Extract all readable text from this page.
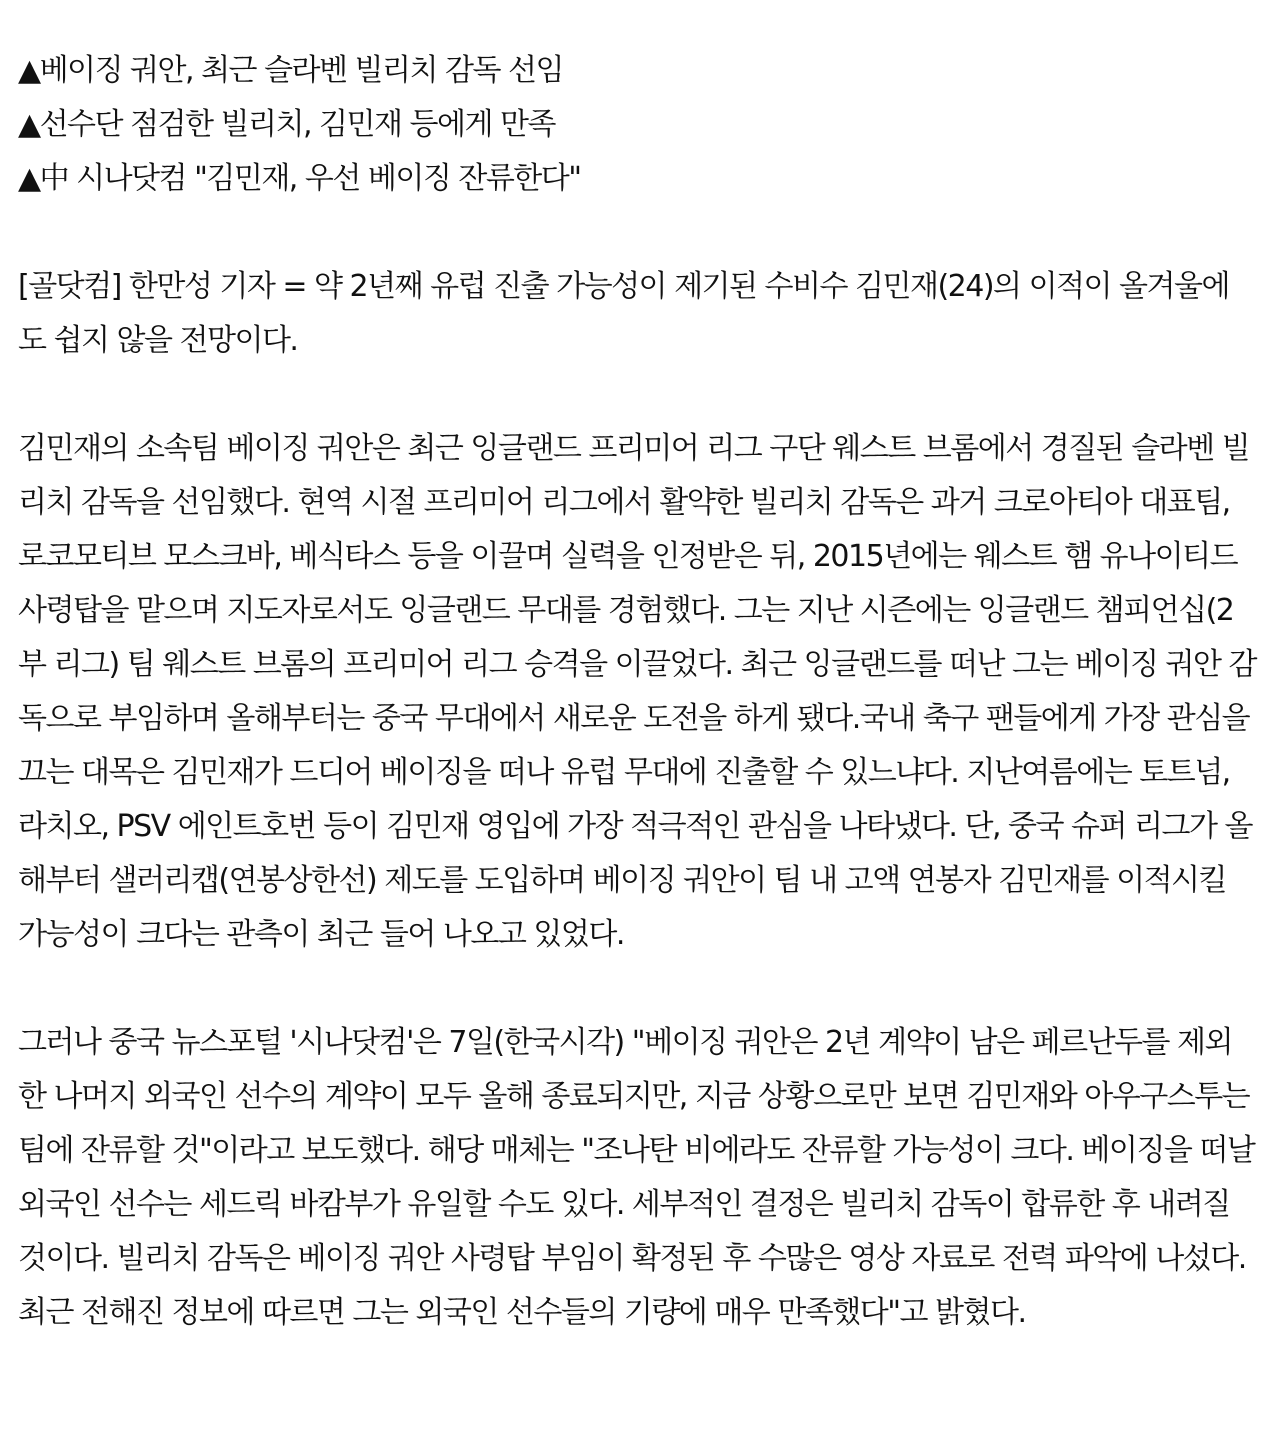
▲베이징 궈안, 최근 슬라벤 빌리치 감독 선임
▲선수단 점검한 빌리치, 김민재 등에게 만족
▲中 시나닷컴 "김민재, 우선 베이징 잔류한다"

[골닷컴] 한만성 기자 = 약 2년째 유럽 진출 가능성이 제기된 수비수 김민재(24)의 이적이 올겨울에도 쉽지 않을 전망이다.

김민재의 소속팀 베이징 궈안은 최근 잉글랜드 프리미어 리그 구단 웨스트 브롬에서 경질된 슬라벤 빌리치 감독을 선임했다. 현역 시절 프리미어 리그에서 활약한 빌리치 감독은 과거 크로아티아 대표팀, 로코모티브 모스크바, 베식타스 등을 이끌며 실력을 인정받은 뒤, 2015년에는 웨스트 햄 유나이티드 사령탑을 맡으며 지도자로서도 잉글랜드 무대를 경험했다. 그는 지난 시즌에는 잉글랜드 챔피언십(2부 리그) 팀 웨스트 브롬의 프리미어 리그 승격을 이끌었다. 최근 잉글랜드를 떠난 그는 베이징 궈안 감독으로 부임하며 올해부터는 중국 무대에서 새로운 도전을 하게 됐다.국내 축구 팬들에게 가장 관심을 끄는 대목은 김민재가 드디어 베이징을 떠나 유럽 무대에 진출할 수 있느냐다. 지난여름에는 토트넘, 라치오, PSV 에인트호번 등이 김민재 영입에 가장 적극적인 관심을 나타냈다. 단, 중국 슈퍼 리그가 올해부터 샐러리캡(연봉상한선) 제도를 도입하며 베이징 궈안이 팀 내 고액 연봉자 김민재를 이적시킬 가능성이 크다는 관측이 최근 들어 나오고 있었다.

그러나 중국 뉴스포털 '시나닷컴'은 7일(한국시각) "베이징 궈안은 2년 계약이 남은 페르난두를 제외한 나머지 외국인 선수의 계약이 모두 올해 종료되지만, 지금 상황으로만 보면 김민재와 아우구스투는 팀에 잔류할 것"이라고 보도했다. 해당 매체는 "조나탄 비에라도 잔류할 가능성이 크다. 베이징을 떠날 외국인 선수는 세드릭 바캄부가 유일할 수도 있다. 세부적인 결정은 빌리치 감독이 합류한 후 내려질 것이다. 빌리치 감독은 베이징 궈안 사령탑 부임이 확정된 후 수많은 영상 자료로 전력 파악에 나섰다. 최근 전해진 정보에 따르면 그는 외국인 선수들의 기량에 매우 만족했다"고 밝혔다.
